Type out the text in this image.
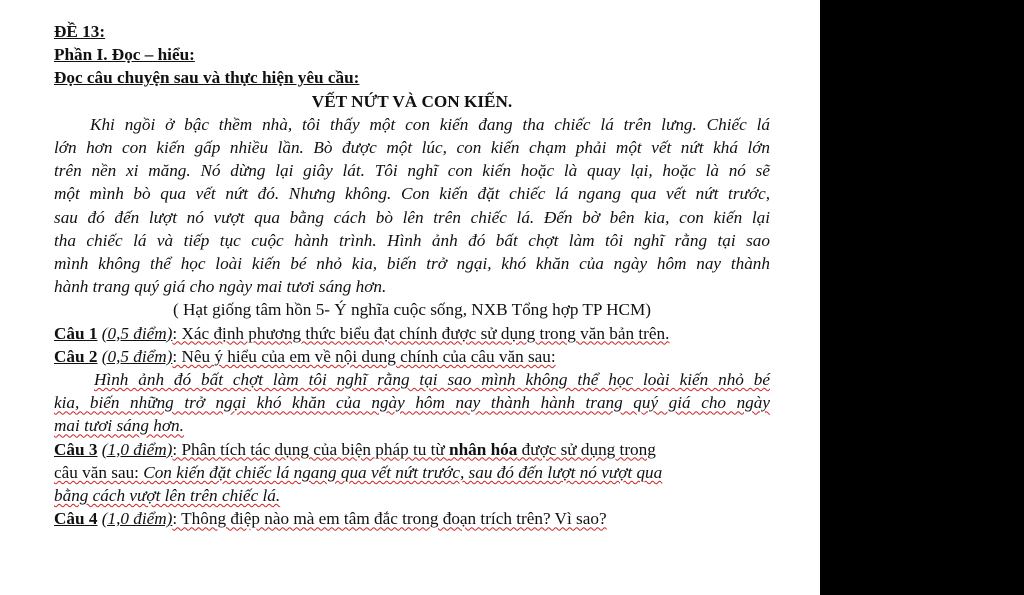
ĐỀ 13:
Phần I. Đọc – hiểu:
Đọc câu chuyện sau và thực hiện yêu cầu:
VẾT NỨT VÀ CON KIẾN.
Khi ngồi ở bậc thềm nhà, tôi thấy một con kiến đang tha chiếc lá trên lưng. Chiếc lá
lớn hơn con kiến gấp nhiều lần. Bò được một lúc, con kiến chạm phải một vết nứt khá lớn
trên nền xi măng. Nó dừng lại giây lát. Tôi nghĩ con kiến hoặc là quay lại, hoặc là nó sẽ
một mình bò qua vết nứt đó. Nhưng không. Con kiến đặt chiếc lá ngang qua vết nứt trước,
sau đó đến lượt nó vượt qua bằng cách bò lên trên chiếc lá. Đến bờ bên kia, con kiến lại
tha chiếc lá và tiếp tục cuộc hành trình. Hình ảnh đó bất chợt làm tôi nghĩ rằng tại sao
mình không thể học loài kiến bé nhỏ kia, biến trở ngại, khó khăn của ngày hôm nay thành
hành trang quý giá cho ngày mai tươi sáng hơn.
( Hạt giống tâm hồn 5- Ý nghĩa cuộc sống, NXB Tổng hợp TP HCM)
Câu 1 (0,5 điểm): Xác định phương thức biểu đạt chính được sử dụng trong văn bản trên.
Câu 2 (0,5 điểm): Nêu ý hiểu của em về nội dung chính của câu văn sau:
Hình ảnh đó bất chợt làm tôi nghĩ rằng tại sao mình không thể học loài kiến nhỏ bé
kia, biến những trở ngại khó khăn của ngày hôm nay thành hành trang quý giá cho ngày
mai tươi sáng hơn.
Câu 3 (1,0 điểm): Phân tích tác dụng của biện pháp tu từ nhân hóa được sử dụng trong
câu văn sau: Con kiến đặt chiếc lá ngang qua vết nứt trước, sau đó đến lượt nó vượt qua
bằng cách vượt lên trên chiếc lá.
Câu 4 (1,0 điểm): Thông điệp nào mà em tâm đắc trong đoạn trích trên? Vì sao?
